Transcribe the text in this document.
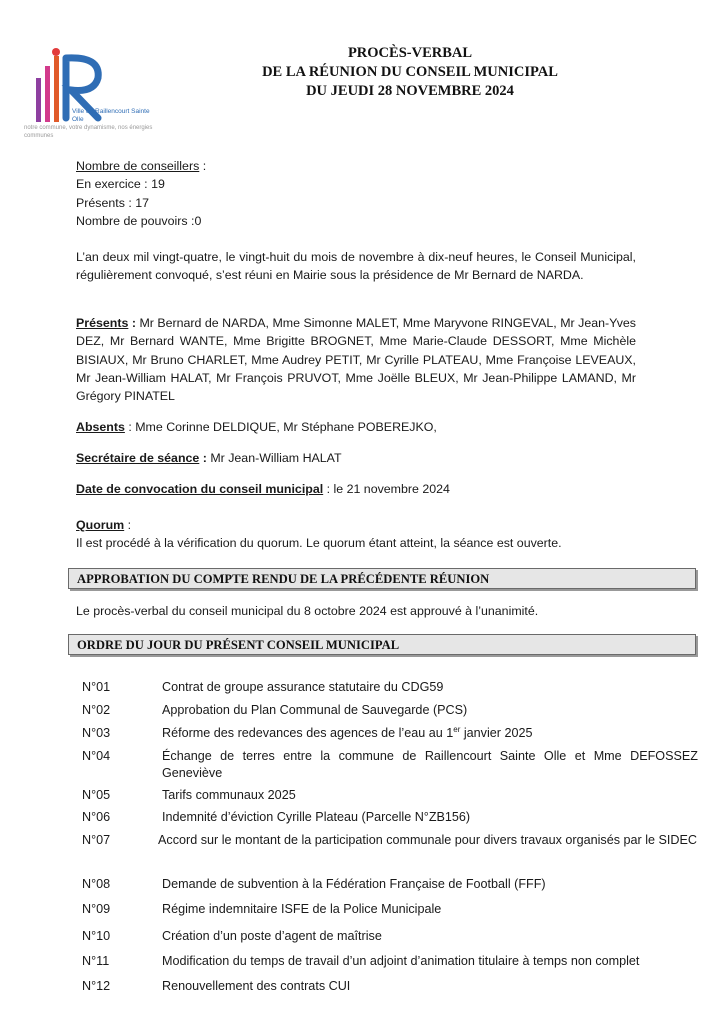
Ville de Raillencourt Sainte Olle
notre commune, votre dynamisme, nos énergies communes
PROCÈS-VERBAL
DE LA RÉUNION DU CONSEIL MUNICIPAL
DU JEUDI 28 NOVEMBRE 2024
Nombre de conseillers :
En exercice : 19
Présents : 17
Nombre de pouvoirs :0
L’an deux mil vingt-quatre, le vingt-huit du mois de novembre à dix-neuf heures, le Conseil Municipal, régulièrement convoqué, s’est réuni en Mairie sous la présidence de Mr Bernard de NARDA.
Présents : Mr Bernard de NARDA, Mme Simonne MALET, Mme Maryvone RINGEVAL, Mr Jean-Yves DEZ, Mr Bernard WANTE, Mme Brigitte BROGNET, Mme Marie-Claude DESSORT, Mme Michèle BISIAUX, Mr Bruno CHARLET, Mme Audrey PETIT, Mr Cyrille PLATEAU, Mme Françoise LEVEAUX, Mr Jean-William HALAT, Mr François PRUVOT, Mme Joëlle BLEUX, Mr Jean-Philippe LAMAND, Mr Grégory PINATEL
Absents : Mme Corinne DELDIQUE, Mr Stéphane POBEREJKO,
Secrétaire de séance : Mr Jean-William HALAT
Date de convocation du conseil municipal : le 21 novembre 2024
Quorum :
Il est procédé à la vérification du quorum. Le quorum étant atteint, la séance est ouverte.
APPROBATION DU COMPTE RENDU DE LA PRÉCÉDENTE RÉUNION
Le procès-verbal du conseil municipal du 8 octobre 2024 est approuvé à l’unanimité.
ORDRE DU JOUR DU PRÉSENT CONSEIL MUNICIPAL
N°01	Contrat de groupe assurance statutaire du CDG59
N°02	Approbation du Plan Communal de Sauvegarde (PCS)
N°03	Réforme des redevances des agences de l’eau au 1er janvier 2025
N°04	Échange de terres entre la commune de Raillencourt Sainte Olle et Mme DEFOSSEZ Geneviève
N°05	Tarifs communaux 2025
N°06	Indemnité d’éviction Cyrille Plateau (Parcelle N°ZB156)
N°07	Accord sur le montant de la participation communale pour divers travaux organisés par le SIDEC
N°08	Demande de subvention à la Fédération Française de Football (FFF)
N°09	Régime indemnitaire ISFE de la Police Municipale
N°10	Création d’un poste d’agent de maîtrise
N°11	Modification du temps de travail d’un adjoint d’animation titulaire à temps non complet
N°12	Renouvellement des contrats CUI
